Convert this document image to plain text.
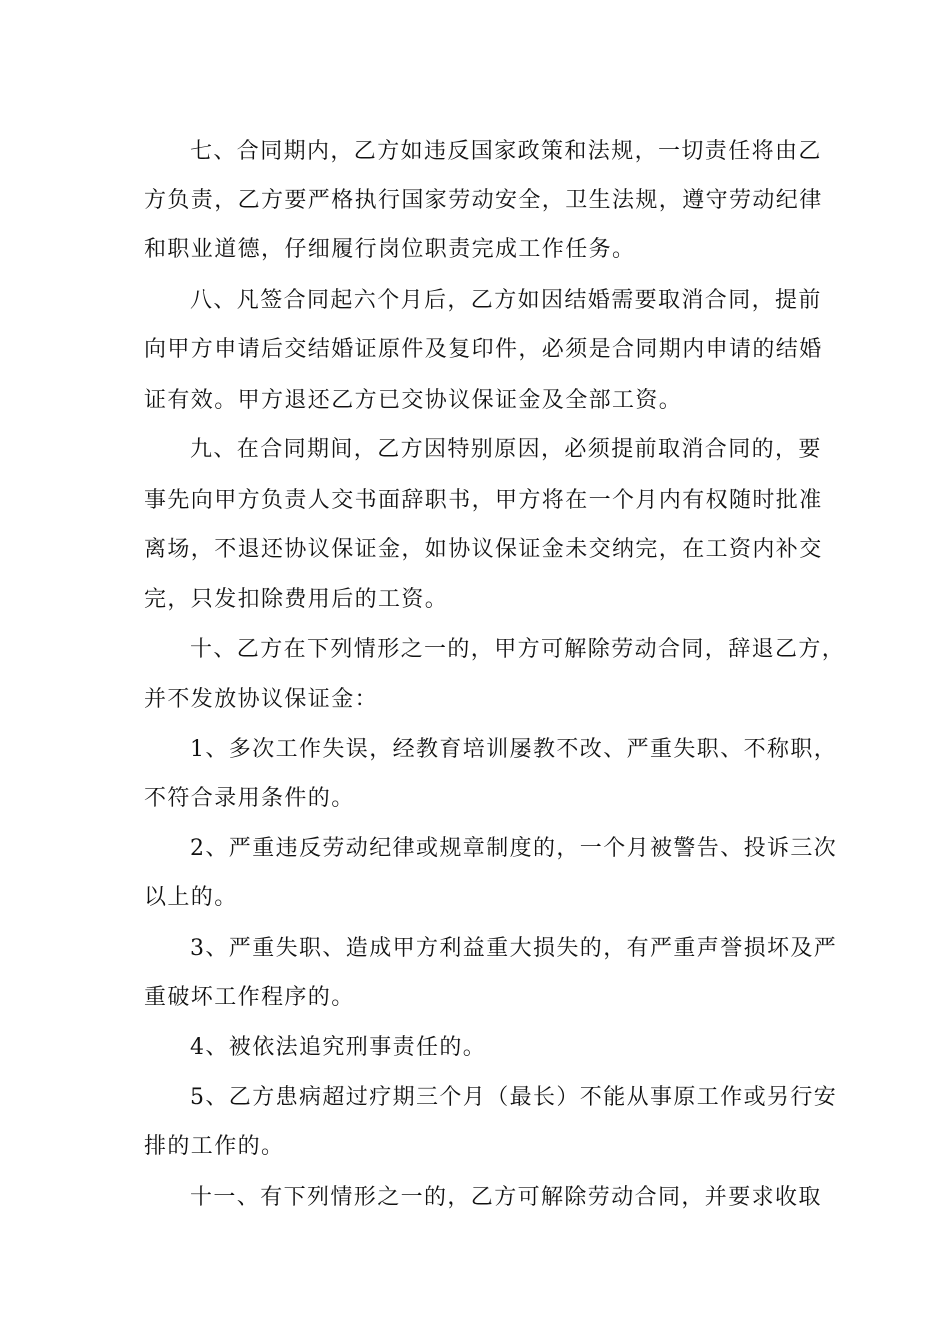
七、合同期内，乙方如违反国家政策和法规，一切责任将由乙
方负责，乙方要严格执行国家劳动安全，卫生法规，遵守劳动纪律
和职业道德，仔细履行岗位职责完成工作任务。
八、凡签合同起六个月后，乙方如因结婚需要取消合同，提前
向甲方申请后交结婚证原件及复印件，必须是合同期内申请的结婚
证有效。甲方退还乙方已交协议保证金及全部工资。
九、在合同期间，乙方因特别原因，必须提前取消合同的，要
事先向甲方负责人交书面辞职书，甲方将在一个月内有权随时批准
离场，不退还协议保证金，如协议保证金未交纳完，在工资内补交
完，只发扣除费用后的工资。
十、乙方在下列情形之一的，甲方可解除劳动合同，辞退乙方，
并不发放协议保证金：
1、多次工作失误，经教育培训屡教不改、严重失职、不称职，
不符合录用条件的。
2、严重违反劳动纪律或规章制度的，一个月被警告、投诉三次
以上的。
3、严重失职、造成甲方利益重大损失的，有严重声誉损坏及严
重破坏工作程序的。
4、被依法追究刑事责任的。
5、乙方患病超过疗期三个月（最长）不能从事原工作或另行安
排的工作的。
十一、有下列情形之一的，乙方可解除劳动合同，并要求收取
